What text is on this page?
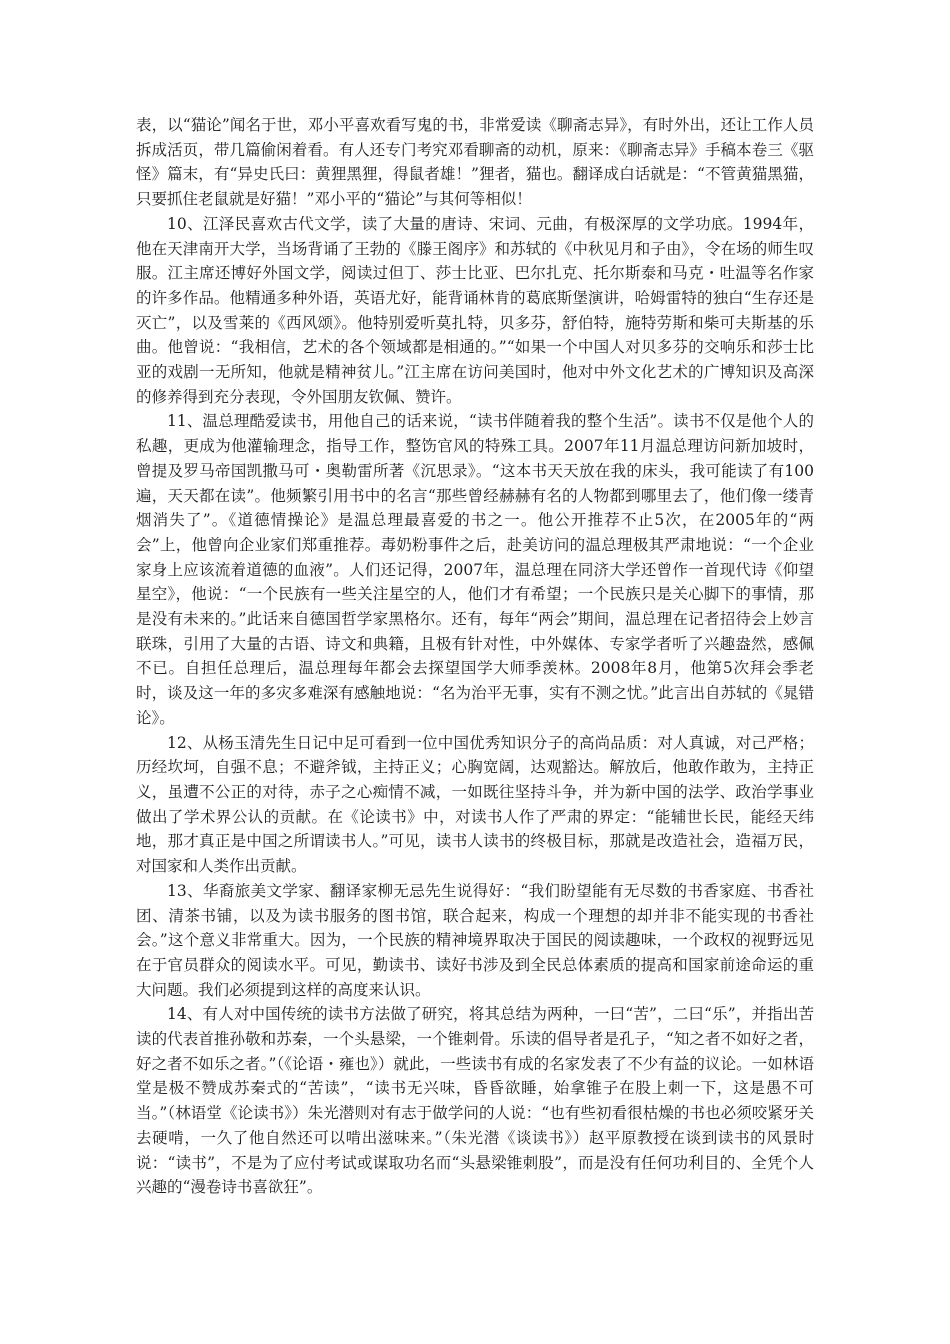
表，以“猫论”闻名于世，邓小平喜欢看写鬼的书，非常爱读《聊斋志异》，有时外出，还让工作人员拆成活页，带几篇偷闲着看。有人还专门考究邓看聊斋的动机，原来：《聊斋志异》手稿本卷三《驱怪》篇末，有“异史氏曰：黄狸黑狸，得鼠者雄！”狸者，猫也。翻译成白话就是：“不管黄猫黑猫，只要抓住老鼠就是好猫！”邓小平的“猫论”与其何等相似！

10、江泽民喜欢古代文学，读了大量的唐诗、宋词、元曲，有极深厚的文学功底。1994年，他在天津南开大学，当场背诵了王勃的《滕王阁序》和苏轼的《中秋见月和子由》，令在场的师生叹服。江主席还博好外国文学，阅读过但丁、莎士比亚、巴尔扎克、托尔斯泰和马克・吐温等名作家的许多作品。他精通多种外语，英语尤好，能背诵林肯的葛底斯堡演讲，哈姆雷特的独白“生存还是灭亡”，以及雪莱的《西风颂》。他特别爱听莫扎特，贝多芬，舒伯特，施特劳斯和柴可夫斯基的乐曲。他曾说：“我相信，艺术的各个领域都是相通的。”“如果一个中国人对贝多芬的交响乐和莎士比亚的戏剧一无所知，他就是精神贫儿。”江主席在访问美国时，他对中外文化艺术的广博知识及高深的修养得到充分表现，令外国朋友钦佩、赞许。

11、温总理酷爱读书，用他自己的话来说，“读书伴随着我的整个生活”。读书不仅是他个人的私趣，更成为他灌输理念，指导工作，整饬官风的特殊工具。2007年11月温总理访问新加坡时，曾提及罗马帝国凯撒马可・奥勒雷所著《沉思录》。“这本书天天放在我的床头，我可能读了有100遍，天天都在读”。他频繁引用书中的名言“那些曾经赫赫有名的人物都到哪里去了，他们像一缕青烟消失了”。《道德情操论》是温总理最喜爱的书之一。他公开推荐不止5次，在2005年的“两会”上，他曾向企业家们郑重推荐。毒奶粉事件之后，赴美访问的温总理极其严肃地说：“一个企业家身上应该流着道德的血液”。人们还记得，2007年，温总理在同济大学还曾作一首现代诗《仰望星空》，他说：“一个民族有一些关注星空的人，他们才有希望；一个民族只是关心脚下的事情，那是没有未来的。”此话来自德国哲学家黑格尔。还有，每年“两会”期间，温总理在记者招待会上妙言联珠，引用了大量的古语、诗文和典籍，且极有针对性，中外媒体、专家学者听了兴趣盎然，感佩不已。自担任总理后，温总理每年都会去探望国学大师季羡林。2008年8月，他第5次拜会季老时，谈及这一年的多灾多难深有感触地说：“名为治平无事，实有不测之忧。”此言出自苏轼的《晁错论》。

12、从杨玉清先生日记中足可看到一位中国优秀知识分子的高尚品质：对人真诚，对己严格；历经坎坷，自强不息；不避斧钺，主持正义；心胸宽阔，达观豁达。解放后，他敢作敢为，主持正义，虽遭不公正的对待，赤子之心痴情不减，一如既往坚持斗争，并为新中国的法学、政治学事业做出了学术界公认的贡献。在《论读书》中，对读书人作了严肃的界定：“能辅世长民，能经天纬地，那才真正是中国之所谓读书人。”可见，读书人读书的终极目标，那就是改造社会，造福万民，对国家和人类作出贡献。

13、华裔旅美文学家、翻译家柳无忌先生说得好：“我们盼望能有无尽数的书香家庭、书香社团、清茶书铺，以及为读书服务的图书馆，联合起来，构成一个理想的却并非不能实现的书香社会。”这个意义非常重大。因为，一个民族的精神境界取决于国民的阅读趣味，一个政权的视野远见在于官员群众的阅读水平。可见，勤读书、读好书涉及到全民总体素质的提高和国家前途命运的重大问题。我们必须提到这样的高度来认识。

14、有人对中国传统的读书方法做了研究，将其总结为两种，一曰“苦”，二曰“乐”，并指出苦读的代表首推孙敬和苏秦，一个头悬梁，一个锥刺骨。乐读的倡导者是孔子，“知之者不如好之者，好之者不如乐之者。”（《论语・雍也》）就此，一些读书有成的名家发表了不少有益的议论。一如林语堂是极不赞成苏秦式的“苦读”，“读书无兴味，昏昏欲睡，始拿锥子在股上刺一下，这是愚不可当。”（林语堂《论读书》）朱光潜则对有志于做学问的人说：“也有些初看很枯燥的书也必须咬紧牙关去硬啃，一久了他自然还可以啃出滋味来。”（朱光潜《谈读书》）赵平原教授在谈到读书的风景时说：“读书”，不是为了应付考试或谋取功名而“头悬梁锥刺股”，而是没有任何功利目的、全凭个人兴趣的“漫卷诗书喜欲狂”。
